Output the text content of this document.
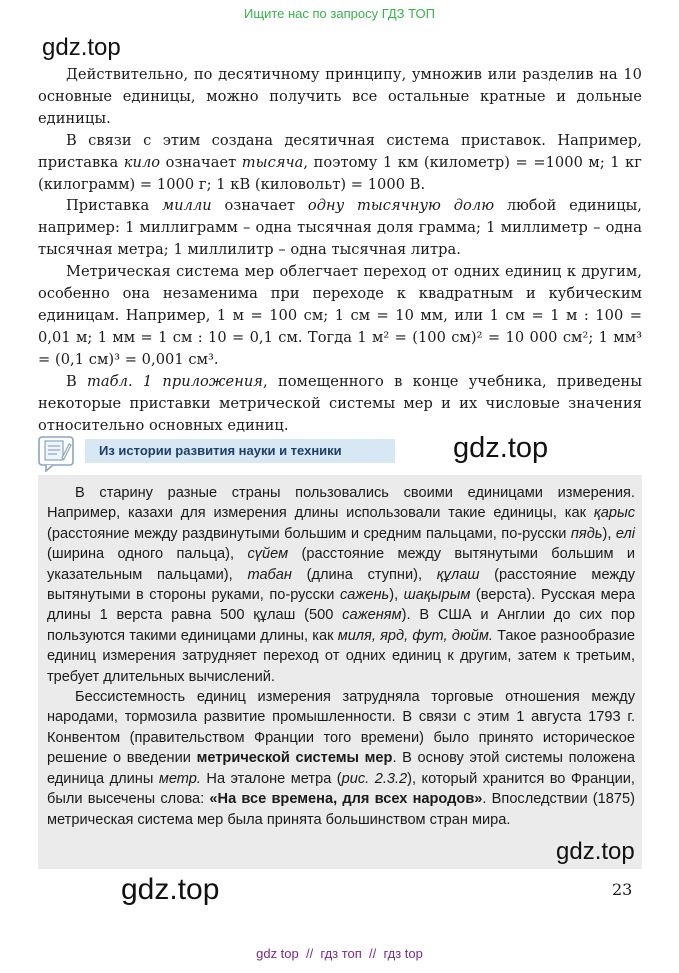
Ищите нас по запросу ГДЗ ТОП
gdz.top

Действительно, по десятичному принципу, умножив или разделив на 10 основные единицы, можно получить все остальные кратные и дольные единицы.

В связи с этим создана десятичная система приставок. Например, приставка кило означает тысяча, поэтому 1 км (километр) = =1000 м; 1 кг (килограмм) = 1000 г; 1 кВ (киловольт) = 1000 В.

Приставка милли означает одну тысячную долю любой единицы, например: 1 миллиграмм – одна тысячная доля грамма; 1 миллиметр – одна тысячная метра; 1 миллилитр – одна тысячная литра.

Метрическая система мер облегчает переход от одних единиц к другим, особенно она незаменима при переходе к квадратным и кубическим единицам. Например, 1 м = 100 см; 1 см = 10 мм, или 1 см = 1 м : 100 = 0,01 м; 1 мм = 1 см : 10 = 0,1 см. Тогда 1 м² = (100 см)² = 10 000 см²; 1 мм³ = (0,1 см)³ = 0,001 см³.

В табл. 1 приложения, помещенного в конце учебника, приведены некоторые приставки метрической системы мер и их числовые значения относительно основных единиц.

Из истории развития науки и техники	gdz.top

В старину разные страны пользовались своими единицами измерения. Например, казахи для измерения длины использовали такие единицы, как қарыс (расстояние между раздвинутыми большим и средним пальцами, по-русски пядь), елі (ширина одного пальца), сүйем (расстояние между вытянутыми большим и указательным пальцами), табан (длина ступни), құлаш (расстояние между вытянутыми в стороны руками, по-русски сажень), шақырым (верста). Русская мера длины 1 верста равна 500 құлаш (500 саженям). В США и Англии до сих пор пользуются такими единицами длины, как миля, ярд, фут, дюйм. Такое разнообразие единиц измерения затрудняет переход от одних единиц к другим, затем к третьим, требует длительных вычислений.

Бессистемность единиц измерения затрудняла торговые отношения между народами, тормозила развитие промышленности. В связи с этим 1 августа 1793 г. Конвентом (правительством Франции того времени) было принято историческое решение о введении метрической системы мер. В основу этой системы положена единица длины метр. На эталоне метра (рис. 2.3.2), который хранится во Франции, были высечены слова: «На все времена, для всех народов». Впоследствии (1875) метрическая система мер была принята большинством стран мира.

gdz.top
gdz.top	23
gdz top  //  гдз топ  //  гдз top
